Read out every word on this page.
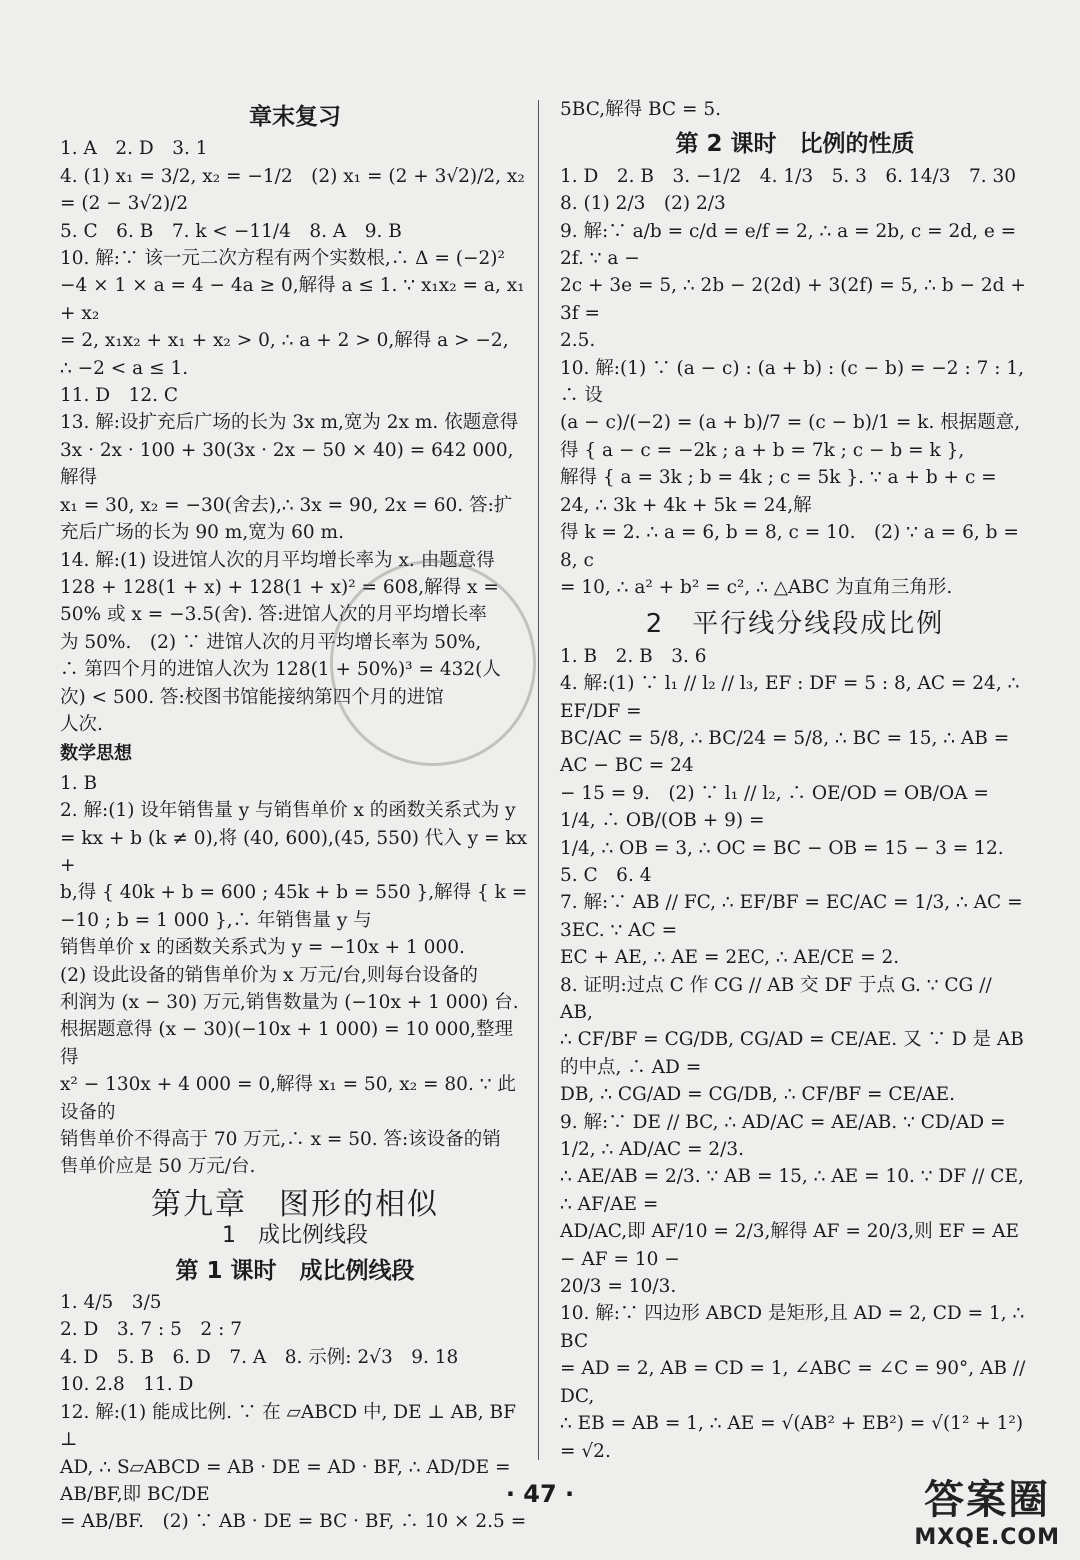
章末复习

1. A　2. D　3. 1

4. (1) x₁ = 3/2, x₂ = −1/2　(2) x₁ = (2 + 3√2)/2, x₂ = (2 − 3√2)/2

5. C　6. B　7. k < −11/4　8. A　9. B

10. 解:∵ 该一元二次方程有两个实数根,∴ Δ = (−2)²

−4 × 1 × a = 4 − 4a ≥ 0,解得 a ≤ 1. ∵ x₁x₂ = a, x₁ + x₂

= 2, x₁x₂ + x₁ + x₂ > 0, ∴ a + 2 > 0,解得 a > −2,

∴ −2 < a ≤ 1.

11. D　12. C

13. 解:设扩充后广场的长为 3x m,宽为 2x m. 依题意得

3x · 2x · 100 + 30(3x · 2x − 50 × 40) = 642 000,解得

x₁ = 30, x₂ = −30(舍去),∴ 3x = 90, 2x = 60. 答:扩

充后广场的长为 90 m,宽为 60 m.

14. 解:(1) 设进馆人次的月平均增长率为 x. 由题意得

128 + 128(1 + x) + 128(1 + x)² = 608,解得 x =

50% 或 x = −3.5(舍). 答:进馆人次的月平均增长率

为 50%.　(2) ∵ 进馆人次的月平均增长率为 50%,

∴ 第四个月的进馆人次为 128(1 + 50%)³ = 432(人

次) < 500. 答:校图书馆能接纳第四个月的进馆

人次.

数学思想

1. B

2. 解:(1) 设年销售量 y 与销售单价 x 的函数关系式为 y

= kx + b (k ≠ 0),将 (40, 600),(45, 550) 代入 y = kx +

b,得 { 40k + b = 600 ; 45k + b = 550 },解得 { k = −10 ; b = 1 000 },∴ 年销售量 y 与

销售单价 x 的函数关系式为 y = −10x + 1 000.

(2) 设此设备的销售单价为 x 万元/台,则每台设备的

利润为 (x − 30) 万元,销售数量为 (−10x + 1 000) 台.

根据题意得 (x − 30)(−10x + 1 000) = 10 000,整理得

x² − 130x + 4 000 = 0,解得 x₁ = 50, x₂ = 80. ∵ 此设备的

销售单价不得高于 70 万元,∴ x = 50. 答:该设备的销

售单价应是 50 万元/台.

第九章　图形的相似
1　成比例线段
第 1 课时　成比例线段

1. 4/5　3/5

2. D　3. 7 : 5　2 : 7

4. D　5. B　6. D　7. A　8. 示例: 2√3　9. 18

10. 2.8　11. D

12. 解:(1) 能成比例. ∵ 在 ▱ABCD 中, DE ⊥ AB, BF ⊥

AD, ∴ S▱ABCD = AB · DE = AD · BF, ∴ AD/DE = AB/BF,即 BC/DE

= AB/BF.　(2) ∵ AB · DE = BC · BF, ∴ 10 × 2.5 =

5BC,解得 BC = 5.

第 2 课时　比例的性质

1. D　2. B　3. −1/2　4. 1/3　5. 3　6. 14/3　7. 30

8. (1) 2/3　(2) 2/3

9. 解:∵ a/b = c/d = e/f = 2, ∴ a = 2b, c = 2d, e = 2f. ∵ a −

2c + 3e = 5, ∴ 2b − 2(2d) + 3(2f) = 5, ∴ b − 2d + 3f =

2.5.

10. 解:(1) ∵ (a − c) : (a + b) : (c − b) = −2 : 7 : 1, ∴ 设

(a − c)/(−2) = (a + b)/7 = (c − b)/1 = k. 根据题意,得 { a − c = −2k ; a + b = 7k ; c − b = k },

解得 { a = 3k ; b = 4k ; c = 5k }. ∵ a + b + c = 24, ∴ 3k + 4k + 5k = 24,解

得 k = 2. ∴ a = 6, b = 8, c = 10.　(2) ∵ a = 6, b = 8, c

= 10, ∴ a² + b² = c², ∴ △ABC 为直角三角形.

2　平行线分线段成比例

1. B　2. B　3. 6

4. 解:(1) ∵ l₁ // l₂ // l₃, EF : DF = 5 : 8, AC = 24, ∴ EF/DF =

BC/AC = 5/8, ∴ BC/24 = 5/8, ∴ BC = 15, ∴ AB = AC − BC = 24

− 15 = 9.　(2) ∵ l₁ // l₂, ∴ OE/OD = OB/OA = 1/4, ∴ OB/(OB + 9) =

1/4, ∴ OB = 3, ∴ OC = BC − OB = 15 − 3 = 12.

5. C　6. 4

7. 解:∵ AB // FC, ∴ EF/BF = EC/AC = 1/3, ∴ AC = 3EC. ∵ AC =

EC + AE, ∴ AE = 2EC, ∴ AE/CE = 2.

8. 证明:过点 C 作 CG // AB 交 DF 于点 G. ∵ CG // AB,

∴ CF/BF = CG/DB, CG/AD = CE/AE. 又 ∵ D 是 AB 的中点, ∴ AD =

DB, ∴ CG/AD = CG/DB, ∴ CF/BF = CE/AE.

9. 解:∵ DE // BC, ∴ AD/AC = AE/AB. ∵ CD/AD = 1/2, ∴ AD/AC = 2/3.

∴ AE/AB = 2/3. ∵ AB = 15, ∴ AE = 10. ∵ DF // CE, ∴ AF/AE =

AD/AC,即 AF/10 = 2/3,解得 AF = 20/3,则 EF = AE − AF = 10 −

20/3 = 10/3.

10. 解:∵ 四边形 ABCD 是矩形,且 AD = 2, CD = 1, ∴ BC

= AD = 2, AB = CD = 1, ∠ABC = ∠C = 90°, AB // DC,

∴ EB = AB = 1, ∴ AE = √(AB² + EB²) = √(1² + 1²) = √2.

· 47 ·	答案圈
MXQE.COM
